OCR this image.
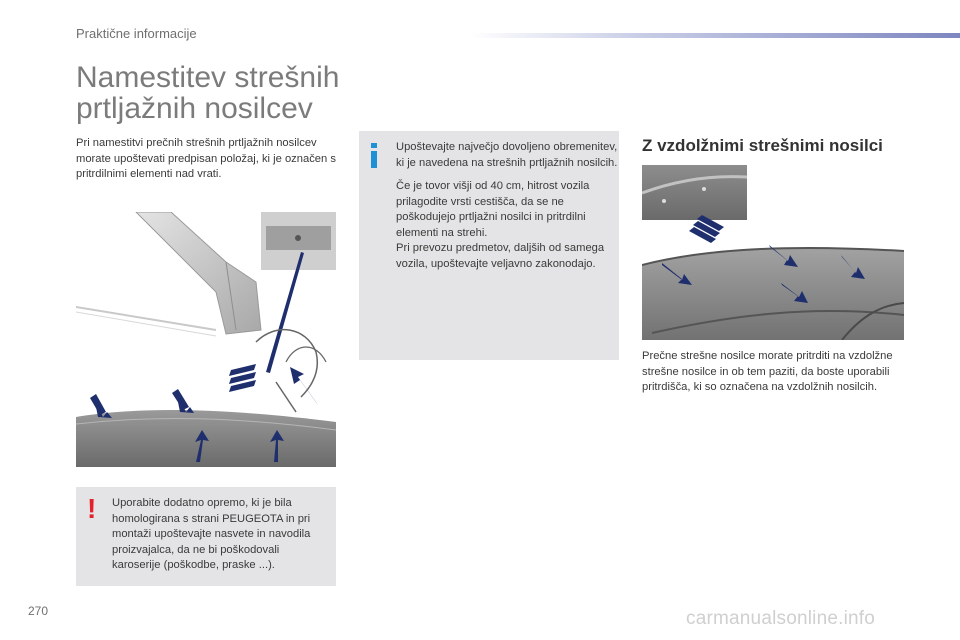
Praktične informacije
Namestitev strešnih prtljažnih nosilcev
Pri namestitvi prečnih strešnih prtljažnih nosilcev morate upoštevati predpisan položaj, ki je označen s pritrdilnimi elementi nad vrati.
! Uporabite dodatno opremo, ki je bila homologirana s strani PEUGEOTA in pri montaži upoštevajte nasvete in navodila proizvajalca, da ne bi poškodovali karoserije (poškodbe, praske ...).

Upoštevajte največjo dovoljeno obremenitev, ki je navedena na strešnih prtljažnih nosilcih.

Če je tovor višji od 40 cm, hitrost vozila prilagodite vrsti cestišča, da se ne poškodujejo prtljažni nosilci in pritrdilni elementi na strehi.

Pri prevozu predmetov, daljših od samega vozila, upoštevajte veljavno zakonodajo.

Z vzdolžnimi strešnimi nosilci
Prečne strešne nosilce morate pritrditi na vzdolžne strešne nosilce in ob tem paziti, da boste uporabili pritrdišča, ki so označena na vzdolžnih nosilcih.
270	carmanualsonline.info
